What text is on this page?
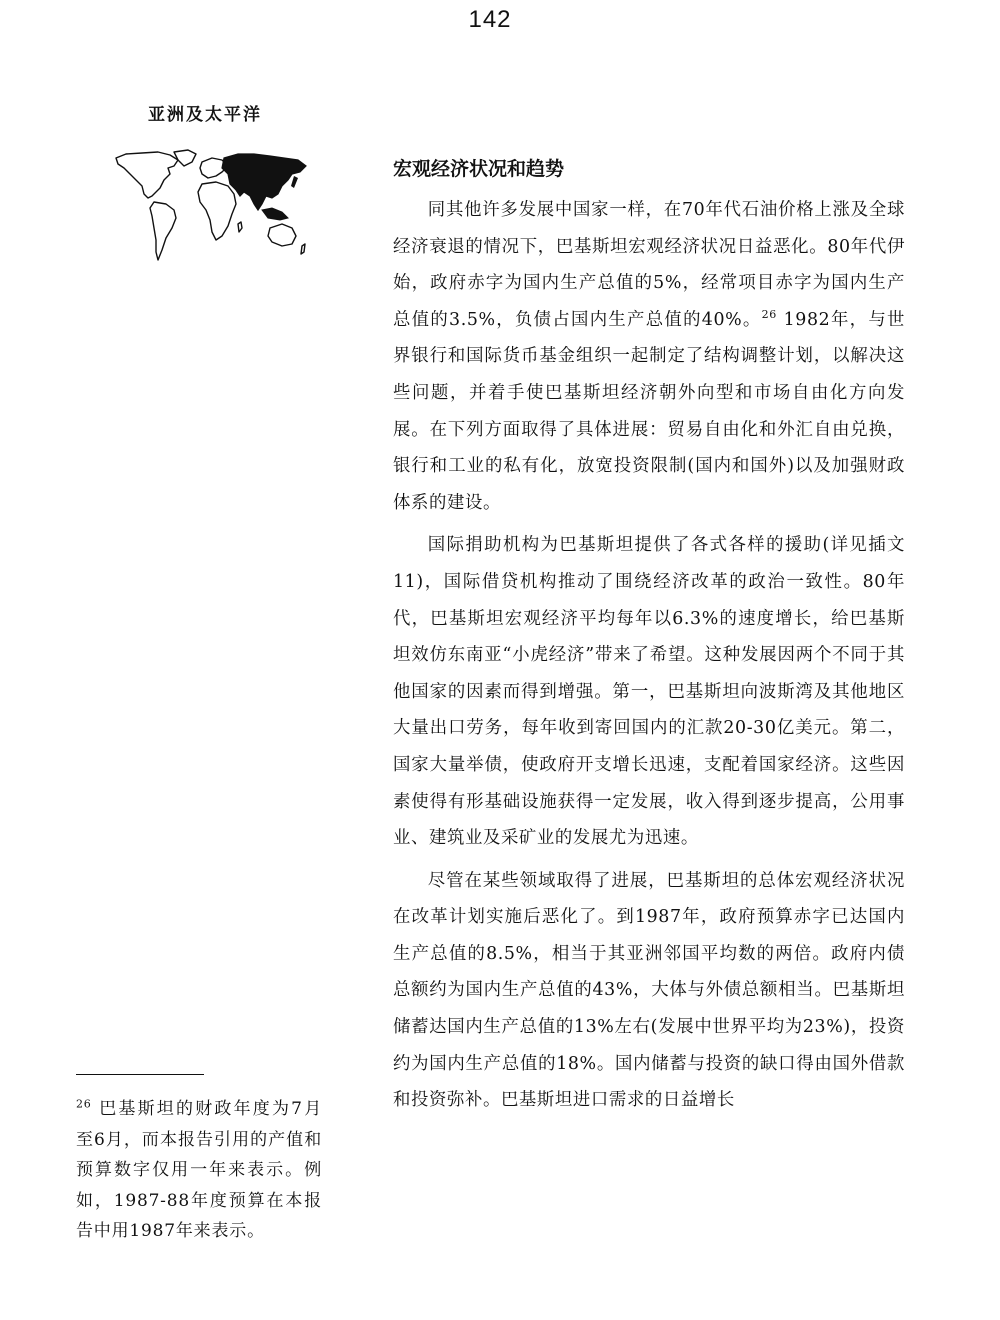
142
亚洲及太平洋
宏观经济状况和趋势

同其他许多发展中国家一样，在70年代石油价格上涨及全球经济衰退的情况下，巴基斯坦宏观经济状况日益恶化。80年代伊始，政府赤字为国内生产总值的5%，经常项目赤字为国内生产总值的3.5%，负债占国内生产总值的40%。$^{26}$ 1982年，与世界银行和国际货币基金组织一起制定了结构调整计划，以解决这些问题，并着手使巴基斯坦经济朝外向型和市场自由化方向发展。在下列方面取得了具体进展：贸易自由化和外汇自由兑换，银行和工业的私有化，放宽投资限制(国内和国外)以及加强财政体系的建设。

国际捐助机构为巴基斯坦提供了各式各样的援助(详见插文11)，国际借贷机构推动了围绕经济改革的政治一致性。80年代，巴基斯坦宏观经济平均每年以6.3%的速度增长，给巴基斯坦效仿东南亚“小虎经济”带来了希望。这种发展因两个不同于其他国家的因素而得到增强。第一，巴基斯坦向波斯湾及其他地区大量出口劳务，每年收到寄回国内的汇款20-30亿美元。第二，国家大量举债，使政府开支增长迅速，支配着国家经济。这些因素使得有形基础设施获得一定发展，收入得到逐步提高，公用事业、建筑业及采矿业的发展尤为迅速。

尽管在某些领域取得了进展，巴基斯坦的总体宏观经济状况在改革计划实施后恶化了。到1987年，政府预算赤字已达国内生产总值的8.5%，相当于其亚洲邻国平均数的两倍。政府内债总额约为国内生产总值的43%，大体与外债总额相当。巴基斯坦储蓄达国内生产总值的13%左右(发展中世界平均为23%)，投资约为国内生产总值的18%。国内储蓄与投资的缺口得由国外借款和投资弥补。巴基斯坦进口需求的日益增长

$^{26}$ 巴基斯坦的财政年度为7月至6月，而本报告引用的产值和预算数字仅用一年来表示。例如，1987-88年度预算在本报告中用1987年来表示。
